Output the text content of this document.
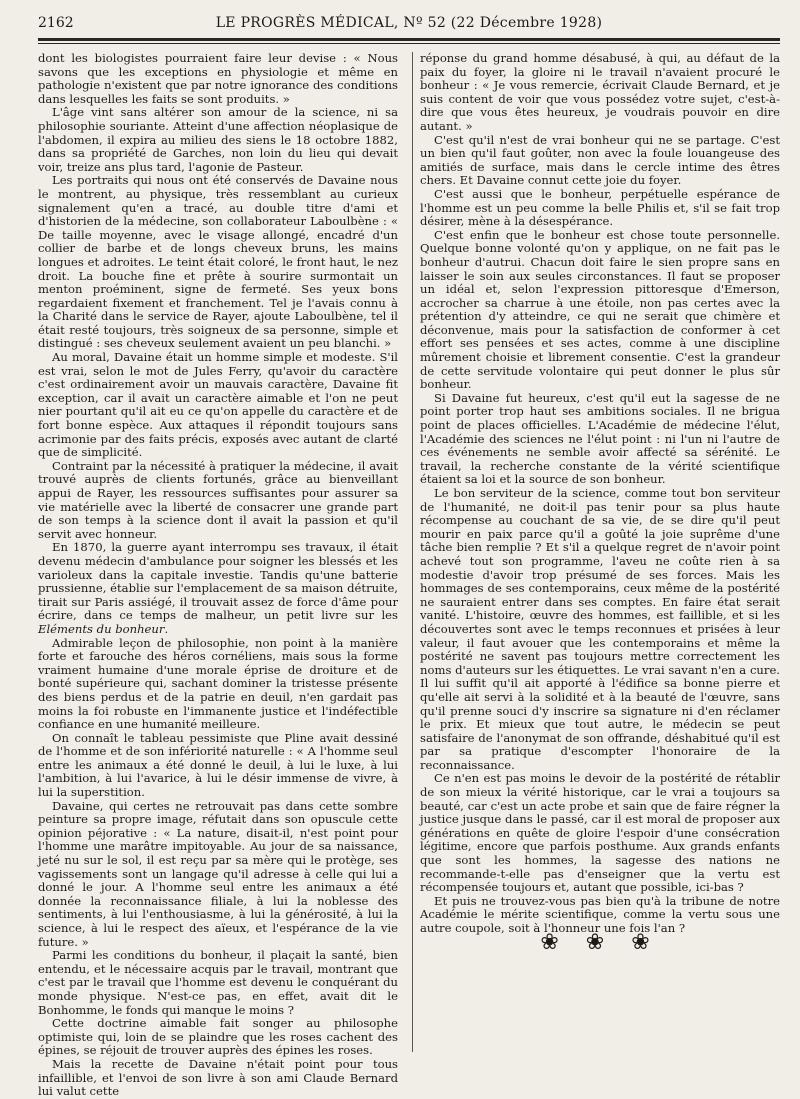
2162	LE PROGRÈS MÉDICAL, Nº 52 (22 Décembre 1928)

dont les biologistes pourraient faire leur devise : « Nous savons que les exceptions en physiologie et même en pathologie n'existent que par notre ignorance des conditions dans lesquelles les faits se sont produits. »

L'âge vint sans altérer son amour de la science, ni sa philosophie souriante. Atteint d'une affection néoplasique de l'abdomen, il expira au milieu des siens le 18 octobre 1882, dans sa propriété de Garches, non loin du lieu qui devait voir, treize ans plus tard, l'agonie de Pasteur.

Les portraits qui nous ont été conservés de Davaine nous le montrent, au physique, très ressemblant au curieux signalement qu'en a tracé, au double titre d'ami et d'historien de la médecine, son collaborateur Laboulbène : « De taille moyenne, avec le visage allongé, encadré d'un collier de barbe et de longs cheveux bruns, les mains longues et adroites. Le teint était coloré, le front haut, le nez droit. La bouche fine et prête à sourire surmontait un menton proéminent, signe de fermeté. Ses yeux bons regardaient fixement et franchement. Tel je l'avais connu à la Charité dans le service de Rayer, ajoute Laboulbène, tel il était resté toujours, très soigneux de sa personne, simple et distingué : ses cheveux seulement avaient un peu blanchi. »

Au moral, Davaine était un homme simple et modeste. S'il est vrai, selon le mot de Jules Ferry, qu'avoir du caractère c'est ordinairement avoir un mauvais caractère, Davaine fit exception, car il avait un caractère aimable et l'on ne peut nier pourtant qu'il ait eu ce qu'on appelle du caractère et de fort bonne espèce. Aux attaques il répondit toujours sans acrimonie par des faits précis, exposés avec autant de clarté que de simplicité.

Contraint par la nécessité à pratiquer la médecine, il avait trouvé auprès de clients fortunés, grâce au bienveillant appui de Rayer, les ressources suffisantes pour assurer sa vie matérielle avec la liberté de consacrer une grande part de son temps à la science dont il avait la passion et qu'il servit avec honneur.

En 1870, la guerre ayant interrompu ses travaux, il était devenu médecin d'ambulance pour soigner les blessés et les varioleux dans la capitale investie. Tandis qu'une batterie prussienne, établie sur l'emplacement de sa maison détruite, tirait sur Paris assiégé, il trouvait assez de force d'âme pour écrire, dans ce temps de malheur, un petit livre sur les Eléments du bonheur.

Admirable leçon de philosophie, non point à la manière forte et farouche des héros cornéliens, mais sous la forme vraiment humaine d'une morale éprise de droiture et de bonté supérieure qui, sachant dominer la tristesse présente des biens perdus et de la patrie en deuil, n'en gardait pas moins la foi robuste en l'immanente justice et l'indéfectible confiance en une humanité meilleure.

On connaît le tableau pessimiste que Pline avait dessiné de l'homme et de son infériorité naturelle : « A l'homme seul entre les animaux a été donné le deuil, à lui le luxe, à lui l'ambition, à lui l'avarice, à lui le désir immense de vivre, à lui la superstition.

Davaine, qui certes ne retrouvait pas dans cette sombre peinture sa propre image, réfutait dans son opuscule cette opinion péjorative : « La nature, disait-il, n'est point pour l'homme une marâtre impitoyable. Au jour de sa naissance, jeté nu sur le sol, il est reçu par sa mère qui le protège, ses vagissements sont un langage qu'il adresse à celle qui lui a donné le jour. A l'homme seul entre les animaux a été donnée la reconnaissance filiale, à lui la noblesse des sentiments, à lui l'enthousiasme, à lui la générosité, à lui la science, à lui le respect des aïeux, et l'espérance de la vie future. »

Parmi les conditions du bonheur, il plaçait la santé, bien entendu, et le nécessaire acquis par le travail, montrant que c'est par le travail que l'homme est devenu le conquérant du monde physique. N'est-ce pas, en effet, avait dit le Bonhomme, le fonds qui manque le moins ?

Cette doctrine aimable fait songer au philosophe optimiste qui, loin de se plaindre que les roses cachent des épines, se réjouit de trouver auprès des épines les roses.

Mais la recette de Davaine n'était point pour tous infaillible, et l'envoi de son livre à son ami Claude Bernard lui valut cette

réponse du grand homme désabusé, à qui, au défaut de la paix du foyer, la gloire ni le travail n'avaient procuré le bonheur : « Je vous remercie, écrivait Claude Bernard, et je suis content de voir que vous possédez votre sujet, c'est-à-dire que vous êtes heureux, je voudrais pouvoir en dire autant. »

C'est qu'il n'est de vrai bonheur qui ne se partage. C'est un bien qu'il faut goûter, non avec la foule louangeuse des amitiés de surface, mais dans le cercle intime des êtres chers. Et Davaine connut cette joie du foyer.

C'est aussi que le bonheur, perpétuelle espérance de l'homme est un peu comme la belle Philis et, s'il se fait trop désirer, mène à la désespérance.

C'est enfin que le bonheur est chose toute personnelle. Quelque bonne volonté qu'on y applique, on ne fait pas le bonheur d'autrui. Chacun doit faire le sien propre sans en laisser le soin aux seules circonstances. Il faut se proposer un idéal et, selon l'expression pittoresque d'Emerson, accrocher sa charrue à une étoile, non pas certes avec la prétention d'y atteindre, ce qui ne serait que chimère et déconvenue, mais pour la satisfaction de conformer à cet effort ses pensées et ses actes, comme à une discipline mûrement choisie et librement consentie. C'est la grandeur de cette servitude volontaire qui peut donner le plus sûr bonheur.

Si Davaine fut heureux, c'est qu'il eut la sagesse de ne point porter trop haut ses ambitions sociales. Il ne brigua point de places officielles. L'Académie de médecine l'élut, l'Académie des sciences ne l'élut point : ni l'un ni l'autre de ces événements ne semble avoir affecté sa sérénité. Le travail, la recherche constante de la vérité scientifique étaient sa loi et la source de son bonheur.

Le bon serviteur de la science, comme tout bon serviteur de l'humanité, ne doit-il pas tenir pour sa plus haute récompense au couchant de sa vie, de se dire qu'il peut mourir en paix parce qu'il a goûté la joie suprême d'une tâche bien remplie ? Et s'il a quelque regret de n'avoir point achevé tout son programme, l'aveu ne coûte rien à sa modestie d'avoir trop présumé de ses forces. Mais les hommages de ses contemporains, ceux même de la postérité ne sauraient entrer dans ses comptes. En faire état serait vanité. L'histoire, œuvre des hommes, est faillible, et si les découvertes sont avec le temps reconnues et prisées à leur valeur, il faut avouer que les contemporains et même la postérité ne savent pas toujours mettre correctement les noms d'auteurs sur les étiquettes. Le vrai savant n'en a cure. Il lui suffit qu'il ait apporté à l'édifice sa bonne pierre et qu'elle ait servi à la solidité et à la beauté de l'œuvre, sans qu'il prenne souci d'y inscrire sa signature ni d'en réclamer le prix. Et mieux que tout autre, le médecin se peut satisfaire de l'anonymat de son offrande, déshabitué qu'il est par sa pratique d'escompter l'honoraire de la reconnaissance.

Ce n'en est pas moins le devoir de la postérité de rétablir de son mieux la vérité historique, car le vrai a toujours sa beauté, car c'est un acte probe et sain que de faire régner la justice jusque dans le passé, car il est moral de proposer aux générations en quête de gloire l'espoir d'une consécration légitime, encore que parfois posthume. Aux grands enfants que sont les hommes, la sagesse des nations ne recommande-t-elle pas d'enseigner que la vertu est récompensée toujours et, autant que possible, ici-bas ?

Et puis ne trouvez-vous pas bien qu'à la tribune de notre Académie le mérite scientifique, comme la vertu sous une autre coupole, soit à l'honneur une fois l'an ?

❀ ❀ ❀
